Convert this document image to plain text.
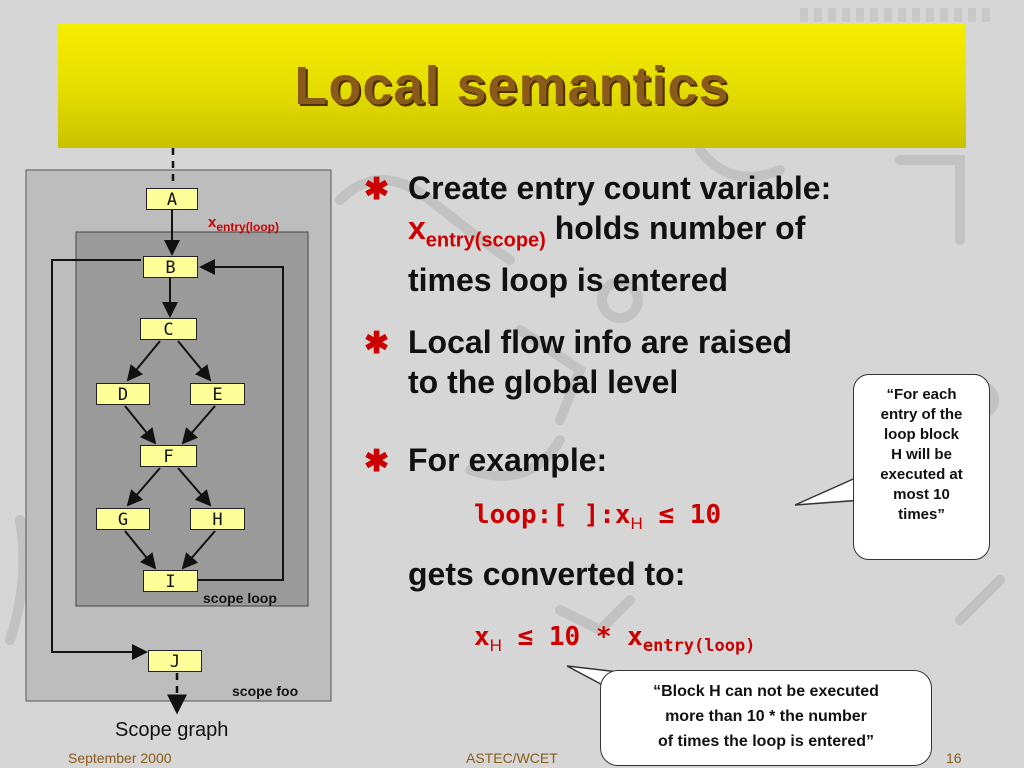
Local semantics
A
B
C
D	E
F
G	H
I
J
$x_{entry(loop)}$
scope loop
scope foo
Scope graph
✱ Create entry count variable:
$x_{entry(scope)}$ holds number of
times loop is entered
✱ Local flow info are raised
to the global level
✱ For example:
loop:[ ]$:x_H \le 10$
gets converted to:
$x_H \le 10 * x_{entry(loop)}$
“For each
entry of the
loop block
H will be
executed at
most 10
times”
“Block H can not be executed
more than 10 * the number
of times the loop is entered”
September 2000	ASTEC/WCET	16
